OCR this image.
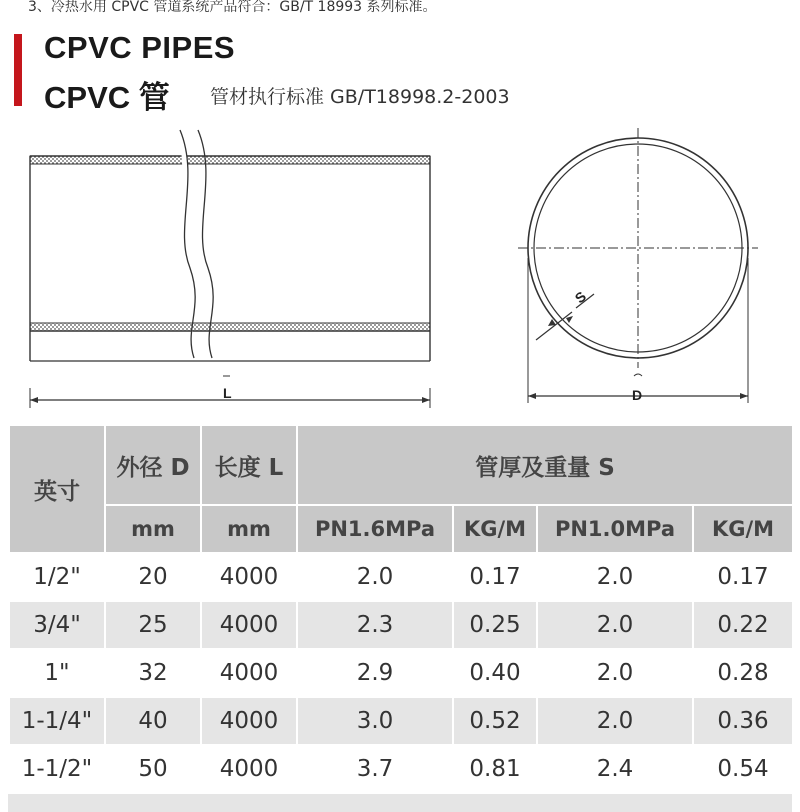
3、冷热水用 CPVC 管道系统产品符合：GB/T 18993 系列标准。
CPVC PIPES
CPVC 管 管材执行标准 GB/T18998.2-2003
L
S
D
英寸	外径 D	长度 L	管厚及重量 S			
	mm	mm	PN1.6MPa	KG/M	PN1.0MPa	KG/M
1/2"	20	4000	2.0	0.17	2.0	0.17
3/4"	25	4000	2.3	0.25	2.0	0.22
1"	32	4000	2.9	0.40	2.0	0.28
1-1/4"	40	4000	3.0	0.52	2.0	0.36
1-1/2"	50	4000	3.7	0.81	2.4	0.54
